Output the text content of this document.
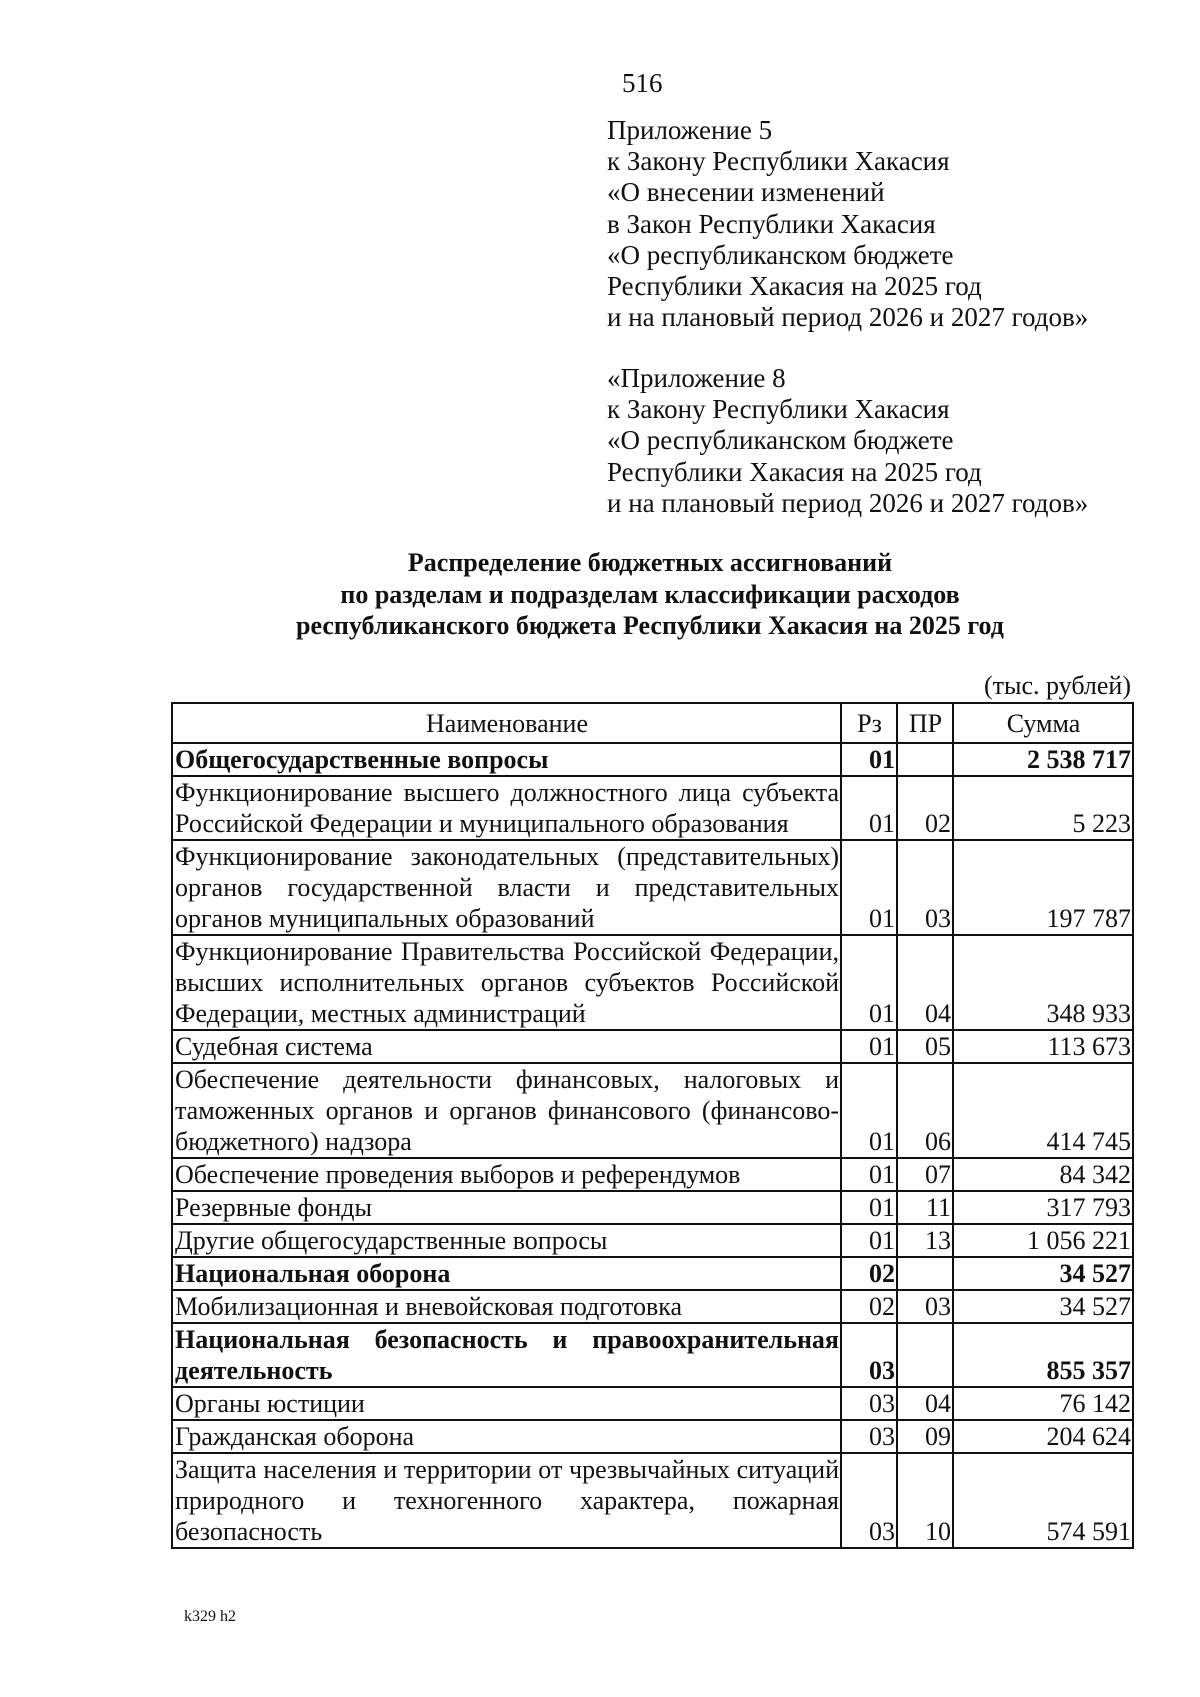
516
Приложение 5
к Закону Республики Хакасия
«О внесении изменений
в Закон Республики Хакасия
«О республиканском бюджете
Республики Хакасия на 2025 год
и на плановый период 2026 и 2027 годов»
«Приложение 8
к Закону Республики Хакасия
«О республиканском бюджете
Республики Хакасия на 2025 год
и на плановый период 2026 и 2027 годов»
Распределение бюджетных ассигнований
по разделам и подразделам классификации расходов
республиканского бюджета Республики Хакасия на 2025 год
(тыс. рублей)
Наименование	Рз	ПР	Сумма
Общегосударственные вопросы	01		2 538 717
Функционирование высшего должностного лица субъекта Российской Федерации и муниципального образования	01	02	5 223
Функционирование законодательных (представительных) органов государственной власти и представительных органов муниципальных образований	01	03	197 787
Функционирование Правительства Российской Федерации, высших исполнительных органов субъектов Российской Федерации, местных администраций	01	04	348 933
Судебная система	01	05	113 673
Обеспечение деятельности финансовых, налоговых и таможенных органов и органов финансового (финансово-бюджетного) надзора	01	06	414 745
Обеспечение проведения выборов и референдумов	01	07	84 342
Резервные фонды	01	11	317 793
Другие общегосударственные вопросы	01	13	1 056 221
Национальная оборона	02		34 527
Мобилизационная и вневойсковая подготовка	02	03	34 527
Национальная безопасность и правоохранительная деятельность	03		855 357
Органы юстиции	03	04	76 142
Гражданская оборона	03	09	204 624
Защита населения и территории от чрезвычайных ситуаций природного и техногенного характера, пожарная безопасность	03	10	574 591
k329 h2
